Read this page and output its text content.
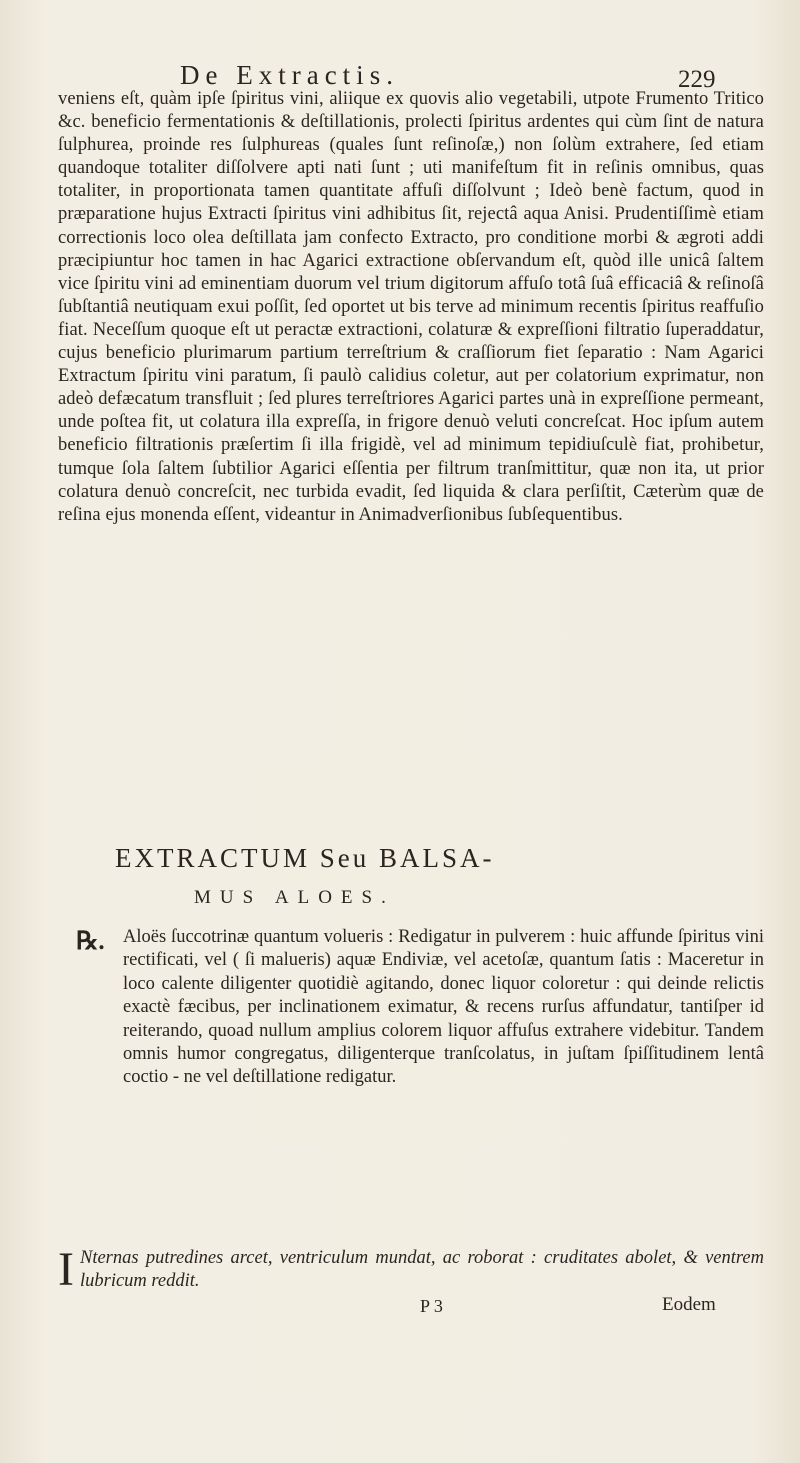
De Extractis.	229
veniens eſt, quàm ipſe ſpiritus vini, aliique ex quovis alio vegetabili, utpote Frumento Tritico &c. beneficio fermentationis & deſtillationis, prolecti ſpiritus ardentes qui cùm ſint de natura ſulphurea, proinde res ſulphureas (quales ſunt reſinoſæ,) non ſolùm extrahere, ſed etiam quandoque totaliter diſſolvere apti nati ſunt ; uti manifeſtum fit in reſinis omnibus, quas totaliter, in proportionata tamen quantitate affuſi diſſolvunt ; Ideò benè factum, quod in præparatione hujus Extracti ſpiritus vini adhibitus ſit, rejectâ aqua Anisi. Prudentiſſimè etiam correctionis loco olea deſtillata jam confecto Extracto, pro conditione morbi & ægroti addi præcipiuntur hoc tamen in hac Agarici extractione obſervandum eſt, quòd ille unicâ ſaltem vice ſpiritu vini ad eminentiam duorum vel trium digitorum affuſo totâ ſuâ efficaciâ & reſinoſâ ſubſtantiâ neutiquam exui poſſit, ſed oportet ut bis terve ad minimum recentis ſpiritus reaffuſio fiat. Neceſſum quoque eſt ut peractæ extractioni, colaturæ & expreſſioni filtratio ſuperaddatur, cujus beneficio plurimarum partium terreſtrium & craſſiorum fiet ſeparatio : Nam Agarici Extractum ſpiritu vini paratum, ſi paulò calidius coletur, aut per colatorium exprimatur, non adeò defæcatum transfluit ; ſed plures terreſtriores Agarici partes unà in expreſſione permeant, unde poſtea fit, ut colatura illa expreſſa, in frigore denuò veluti concreſcat. Hoc ipſum autem beneficio filtrationis præſertim ſi illa frigidè, vel ad minimum tepidiuſculè fiat, prohibetur, tumque ſola ſaltem ſubtilior Agarici eſſentia per filtrum tranſmittitur, quæ non ita, ut prior colatura denuò concreſcit, nec turbida evadit, ſed liquida & clara perſiſtit, Cæterùm quæ de reſina ejus monenda eſſent, videantur in Animadverſionibus ſubſequentibus.
EXTRACTUM Seu BALSA-
MUS ALOES.
℞. Aloës ſuccotrinæ quantum volueris : Redigatur in pulverem : huic affunde ſpiritus vini rectificati, vel ( ſi malueris) aquæ Endiviæ, vel acetoſæ, quantum ſatis : Maceretur in loco calente diligenter quotidiè agitando, donec liquor coloretur : qui deinde relictis exactè fæcibus, per inclinationem eximatur, & recens rurſus affundatur, tantiſper id reiterando, quoad nullum amplius colorem liquor affuſus extrahere videbitur. Tandem omnis humor congregatus, diligenterque tranſcolatus, in juſtam ſpiſſitudinem lentâ coctio - ne vel deſtillatione redigatur.
I Nternas putredines arcet, ventriculum mundat, ac roborat : cruditates abolet, & ventrem lubricum reddit.
P 3	Eodem
